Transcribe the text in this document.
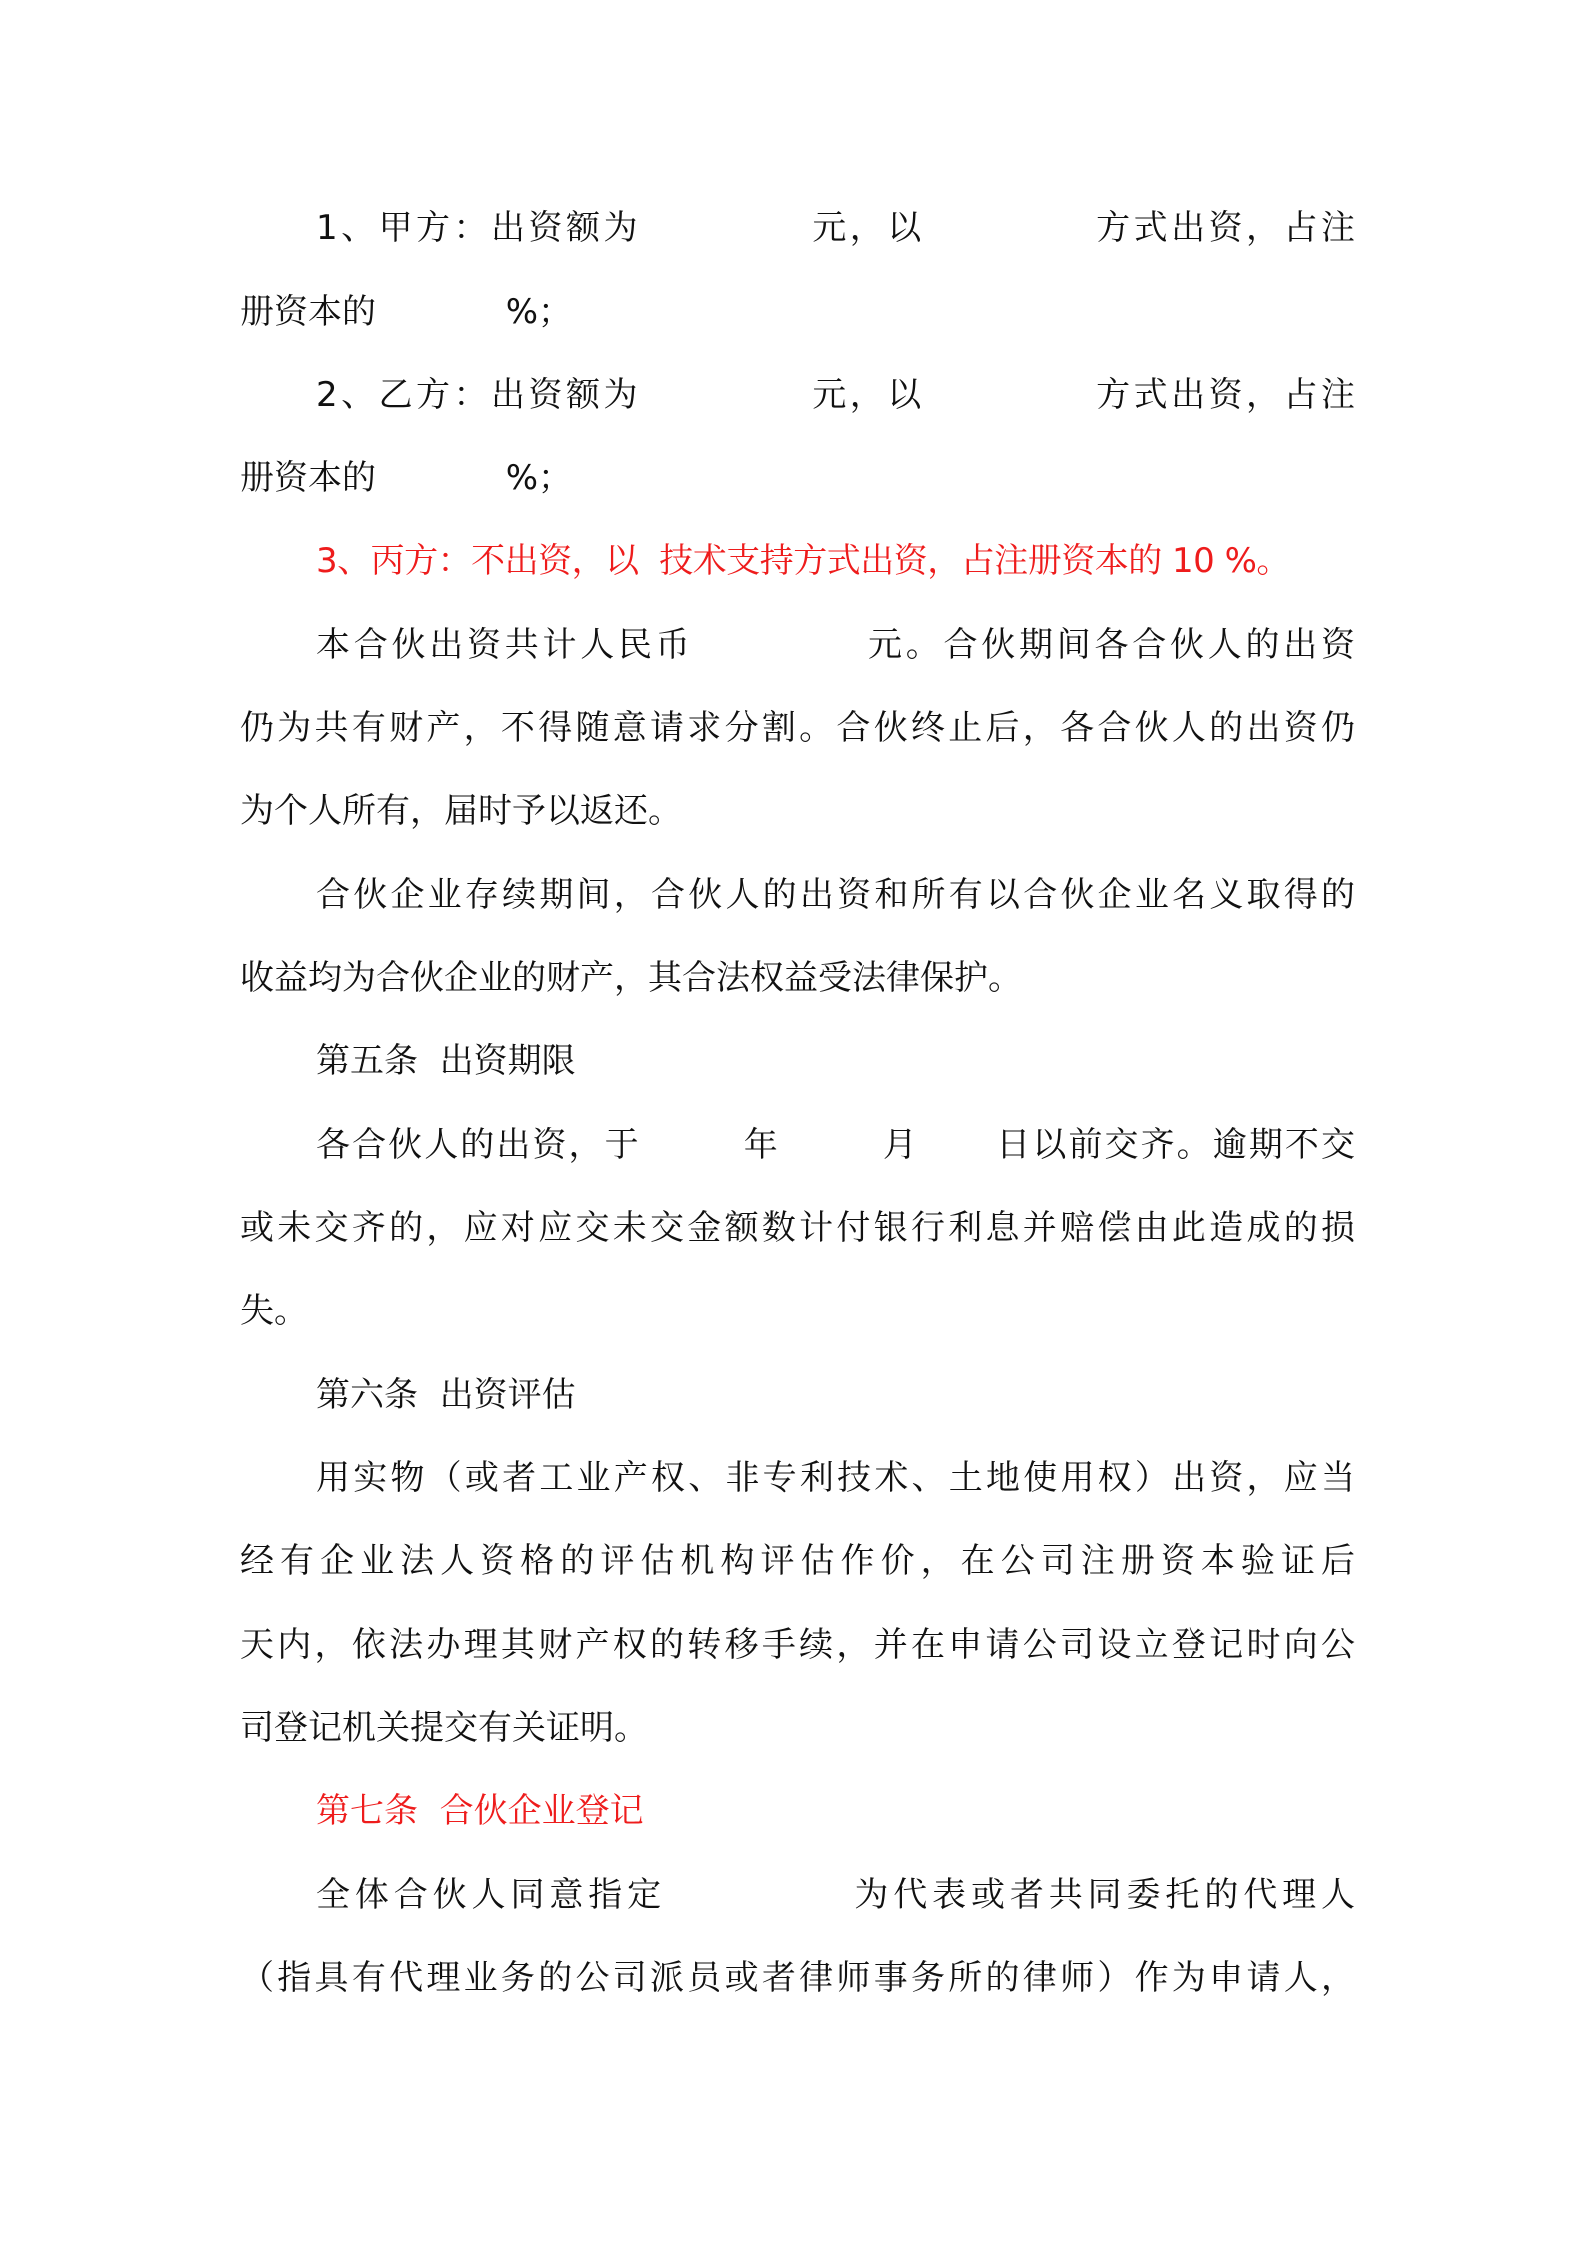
1、甲方：出资额为            元，以            方式出资，占注
册资本的            %；
2、乙方：出资额为            元，以            方式出资，占注
册资本的            %；
3、丙方：不出资，以  技术支持方式出资，占注册资本的 10 %。
本合伙出资共计人民币            元。合伙期间各合伙人的出资
仍为共有财产，不得随意请求分割。合伙终止后，各合伙人的出资仍
为个人所有，届时予以返还。
合伙企业存续期间，合伙人的出资和所有以合伙企业名义取得的
收益均为合伙企业的财产，其合法权益受法律保护。
第五条  出资期限
各合伙人的出资，于        年        月      日以前交齐。逾期不交
或未交齐的，应对应交未交金额数计付银行利息并赔偿由此造成的损
失。
第六条  出资评估
用实物（或者工业产权、非专利技术、土地使用权）出资，应当
经有企业法人资格的评估机构评估作价，在公司注册资本验证后
天内，依法办理其财产权的转移手续，并在申请公司设立登记时向公
司登记机关提交有关证明。
第七条  合伙企业登记
全体合伙人同意指定            为代表或者共同委托的代理人
（指具有代理业务的公司派员或者律师事务所的律师）作为申请人，
